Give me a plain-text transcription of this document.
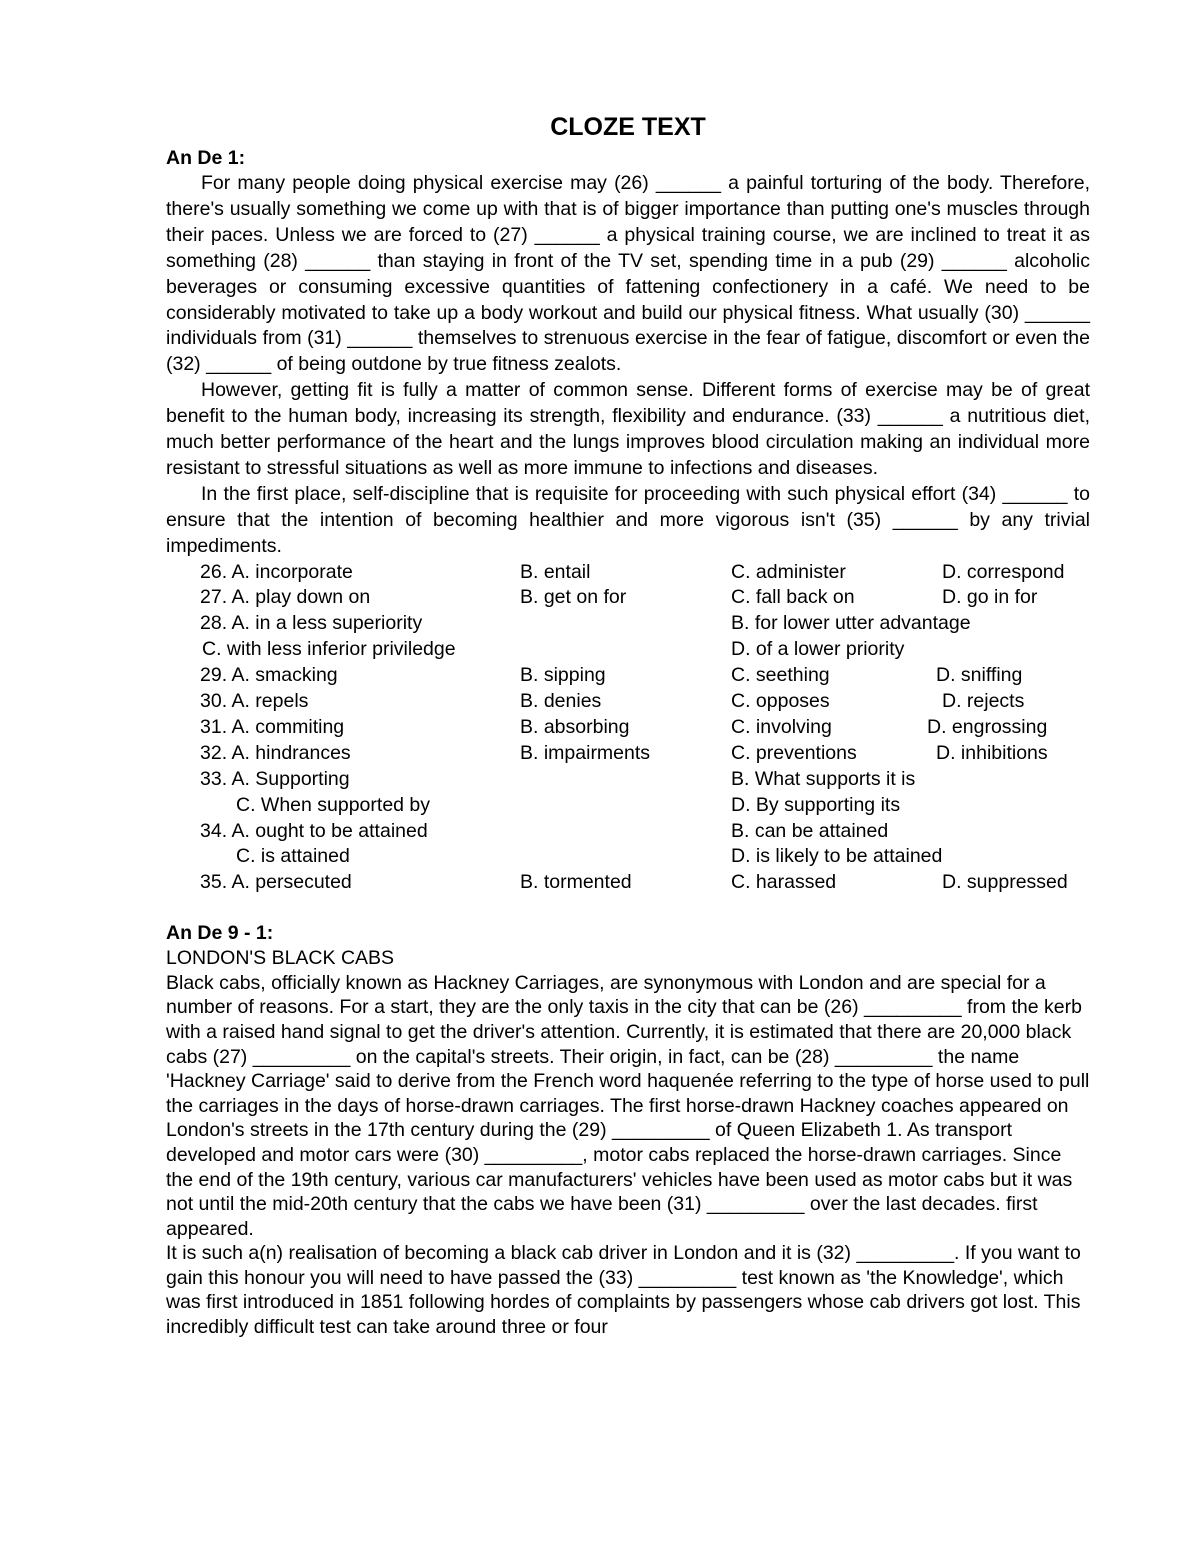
CLOZE TEXT
An De 1:

For many people doing physical exercise may (26) ______ a painful torturing of the body. Therefore, there's usually something we come up with that is of bigger importance than putting one's muscles through their paces. Unless we are forced to (27) ______ a physical training course, we are inclined to treat it as something (28) ______ than staying in front of the TV set, spending time in a pub (29) ______ alcoholic beverages or consuming excessive quantities of fattening confectionery in a café. We need to be considerably motivated to take up a body workout and build our physical fitness. What usually (30) ______ individuals from (31) ______ themselves to strenuous exercise in the fear of fatigue, discomfort or even the (32) ______ of being outdone by true fitness zealots.

However, getting fit is fully a matter of common sense. Different forms of exercise may be of great benefit to the human body, increasing its strength, flexibility and endurance. (33) ______ a nutritious diet, much better performance of the heart and the lungs improves blood circulation making an individual more resistant to stressful situations as well as more immune to infections and diseases.

In the first place, self-discipline that is requisite for proceeding with such physical effort (34) ______ to ensure that the intention of becoming healthier and more vigorous isn't (35) ______ by any trivial impediments.

26. A. incorporate	B. entail	C. administer	D. correspond
27. A. play down on	B. get on for	C. fall back on	D. go in for
28. A. in a less superiority	B. for lower utter advantage
C. with less inferior priviledge	D. of a lower priority
29. A. smacking	B. sipping	C. seething	D. sniffing
30. A. repels	B. denies	C. opposes	D. rejects
31. A. commiting	B. absorbing	C. involving	D. engrossing
32. A. hindrances	B. impairments	C. preventions	D. inhibitions
33. A. Supporting	B. What supports it is
C. When supported by	D. By supporting its
34. A. ought to be attained	B. can be attained
C. is attained	D. is likely to be attained
35. A. persecuted	B. tormented	C. harassed	D. suppressed
An De 9 - 1:
LONDON'S BLACK CABS

Black cabs, officially known as Hackney Carriages, are synonymous with London and are special for a number of reasons. For a start, they are the only taxis in the city that can be (26) _________ from the kerb with a raised hand signal to get the driver's attention. Currently, it is estimated that there are 20,000 black cabs (27) _________ on the capital's streets. Their origin, in fact, can be (28) _________ the name 'Hackney Carriage' said to derive from the French word haquenée referring to the type of horse used to pull the carriages in the days of horse-drawn carriages. The first horse-drawn Hackney coaches appeared on London's streets in the 17th century during the (29) _________ of Queen Elizabeth 1. As transport developed and motor cars were (30) _________, motor cabs replaced the horse-drawn carriages. Since the end of the 19th century, various car manufacturers' vehicles have been used as motor cabs but it was not until the mid-20th century that the cabs we have been (31) _________ over the last decades. first appeared.

It is such a(n) realisation of becoming a black cab driver in London and it is (32) _________. If you want to gain this honour you will need to have passed the (33) _________ test known as 'the Knowledge', which was first introduced in 1851 following hordes of complaints by passengers whose cab drivers got lost. This incredibly difficult test can take around three or four
